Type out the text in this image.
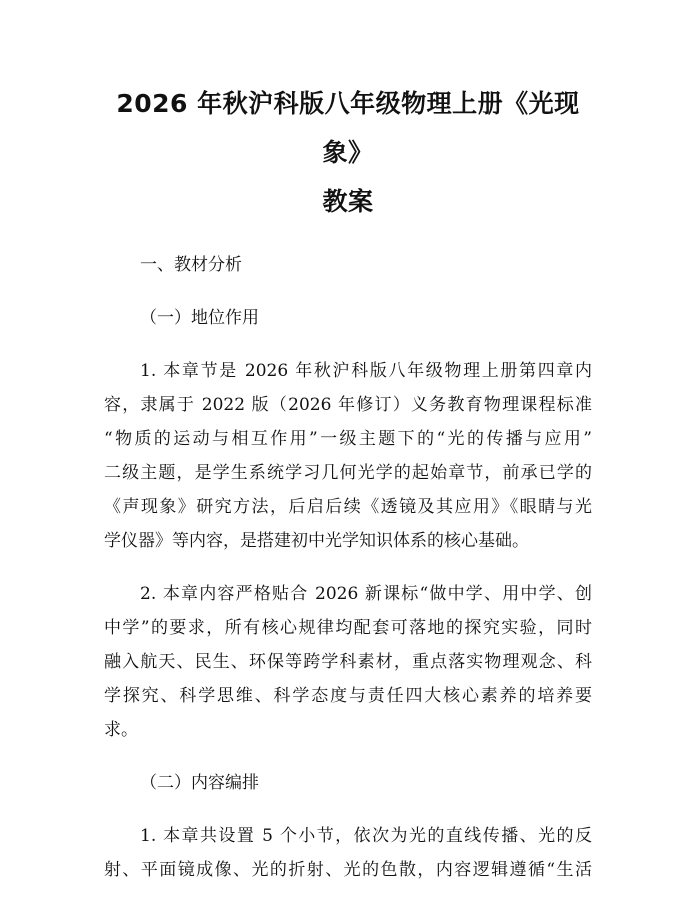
2026 年秋沪科版八年级物理上册《光现象》
教案

一、教材分析

（一）地位作用

1. 本章节是 2026 年秋沪科版八年级物理上册第四章内
容，隶属于 2022 版（2026 年修订）义务教育物理课程标准
“物质的运动与相互作用”一级主题下的“光的传播与应用”
二级主题，是学生系统学习几何光学的起始章节，前承已学的
《声现象》研究方法，后启后续《透镜及其应用》《眼睛与光
学仪器》等内容，是搭建初中光学知识体系的核心基础。
2. 本章内容严格贴合 2026 新课标“做中学、用中学、创
中学”的要求，所有核心规律均配套可落地的探究实验，同时
融入航天、民生、环保等跨学科素材，重点落实物理观念、科
学探究、科学思维、科学态度与责任四大核心素养的培养要
求。

（二）内容编排

1. 本章共设置 5 个小节，依次为光的直线传播、光的反
射、平面镜成像、光的折射、光的色散，内容逻辑遵循“生活
